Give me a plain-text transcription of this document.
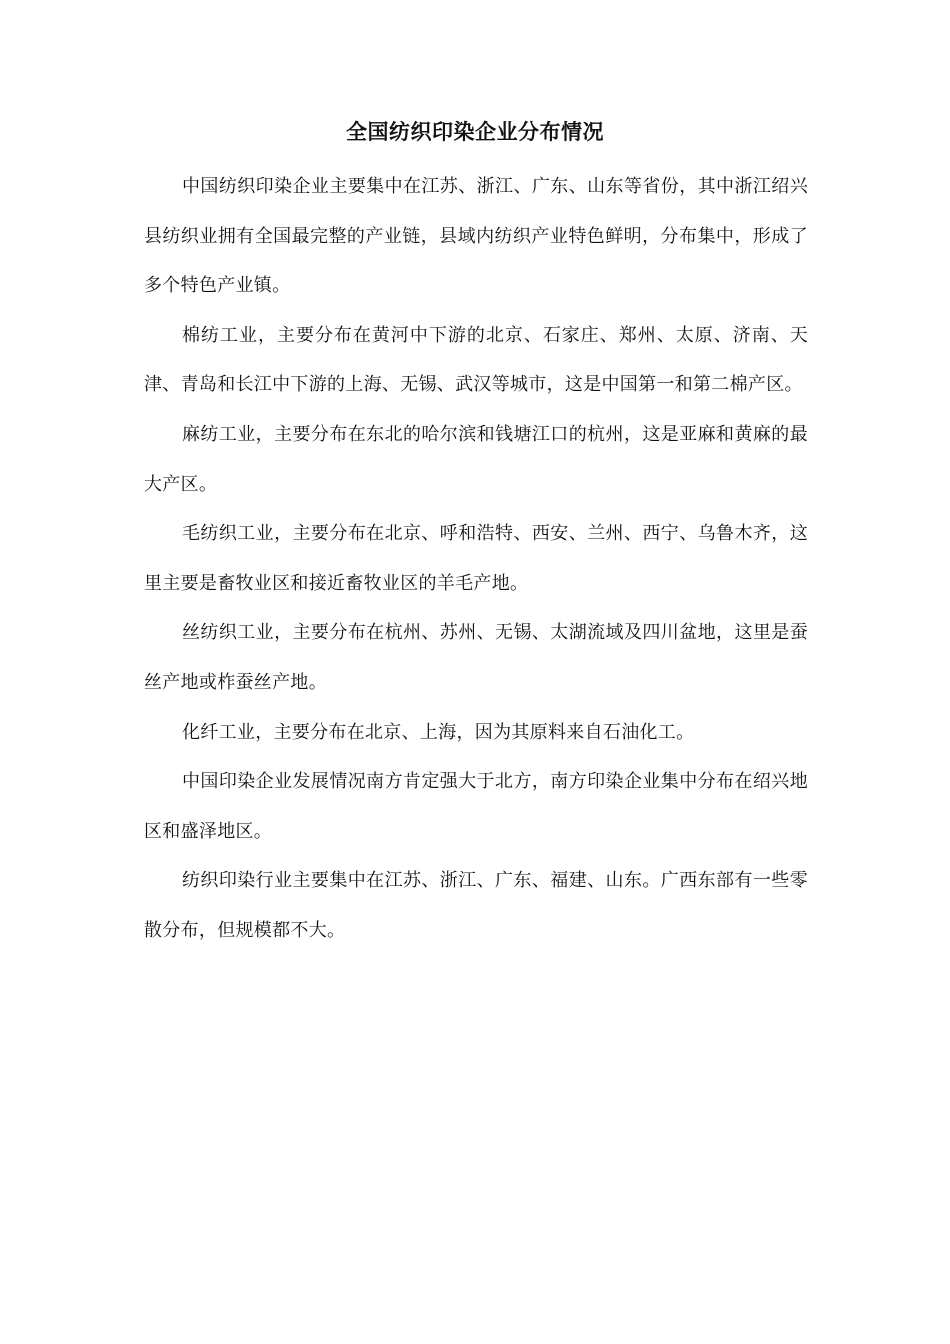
全国纺织印染企业分布情况

中国纺织印染企业主要集中在江苏、浙江、广东、山东等省份，其中浙江绍兴县纺织业拥有全国最完整的产业链，县域内纺织产业特色鲜明，分布集中，形成了多个特色产业镇。

棉纺工业，主要分布在黄河中下游的北京、石家庄、郑州、太原、济南、天津、青岛和长江中下游的上海、无锡、武汉等城市，这是中国第一和第二棉产区。

麻纺工业，主要分布在东北的哈尔滨和钱塘江口的杭州，这是亚麻和黄麻的最大产区。

毛纺织工业，主要分布在北京、呼和浩特、西安、兰州、西宁、乌鲁木齐，这里主要是畜牧业区和接近畜牧业区的羊毛产地。

丝纺织工业，主要分布在杭州、苏州、无锡、太湖流域及四川盆地，这里是蚕丝产地或柞蚕丝产地。

化纤工业，主要分布在北京、上海，因为其原料来自石油化工。

中国印染企业发展情况南方肯定强大于北方，南方印染企业集中分布在绍兴地区和盛泽地区。

纺织印染行业主要集中在江苏、浙江、广东、福建、山东。广西东部有一些零散分布，但规模都不大。
